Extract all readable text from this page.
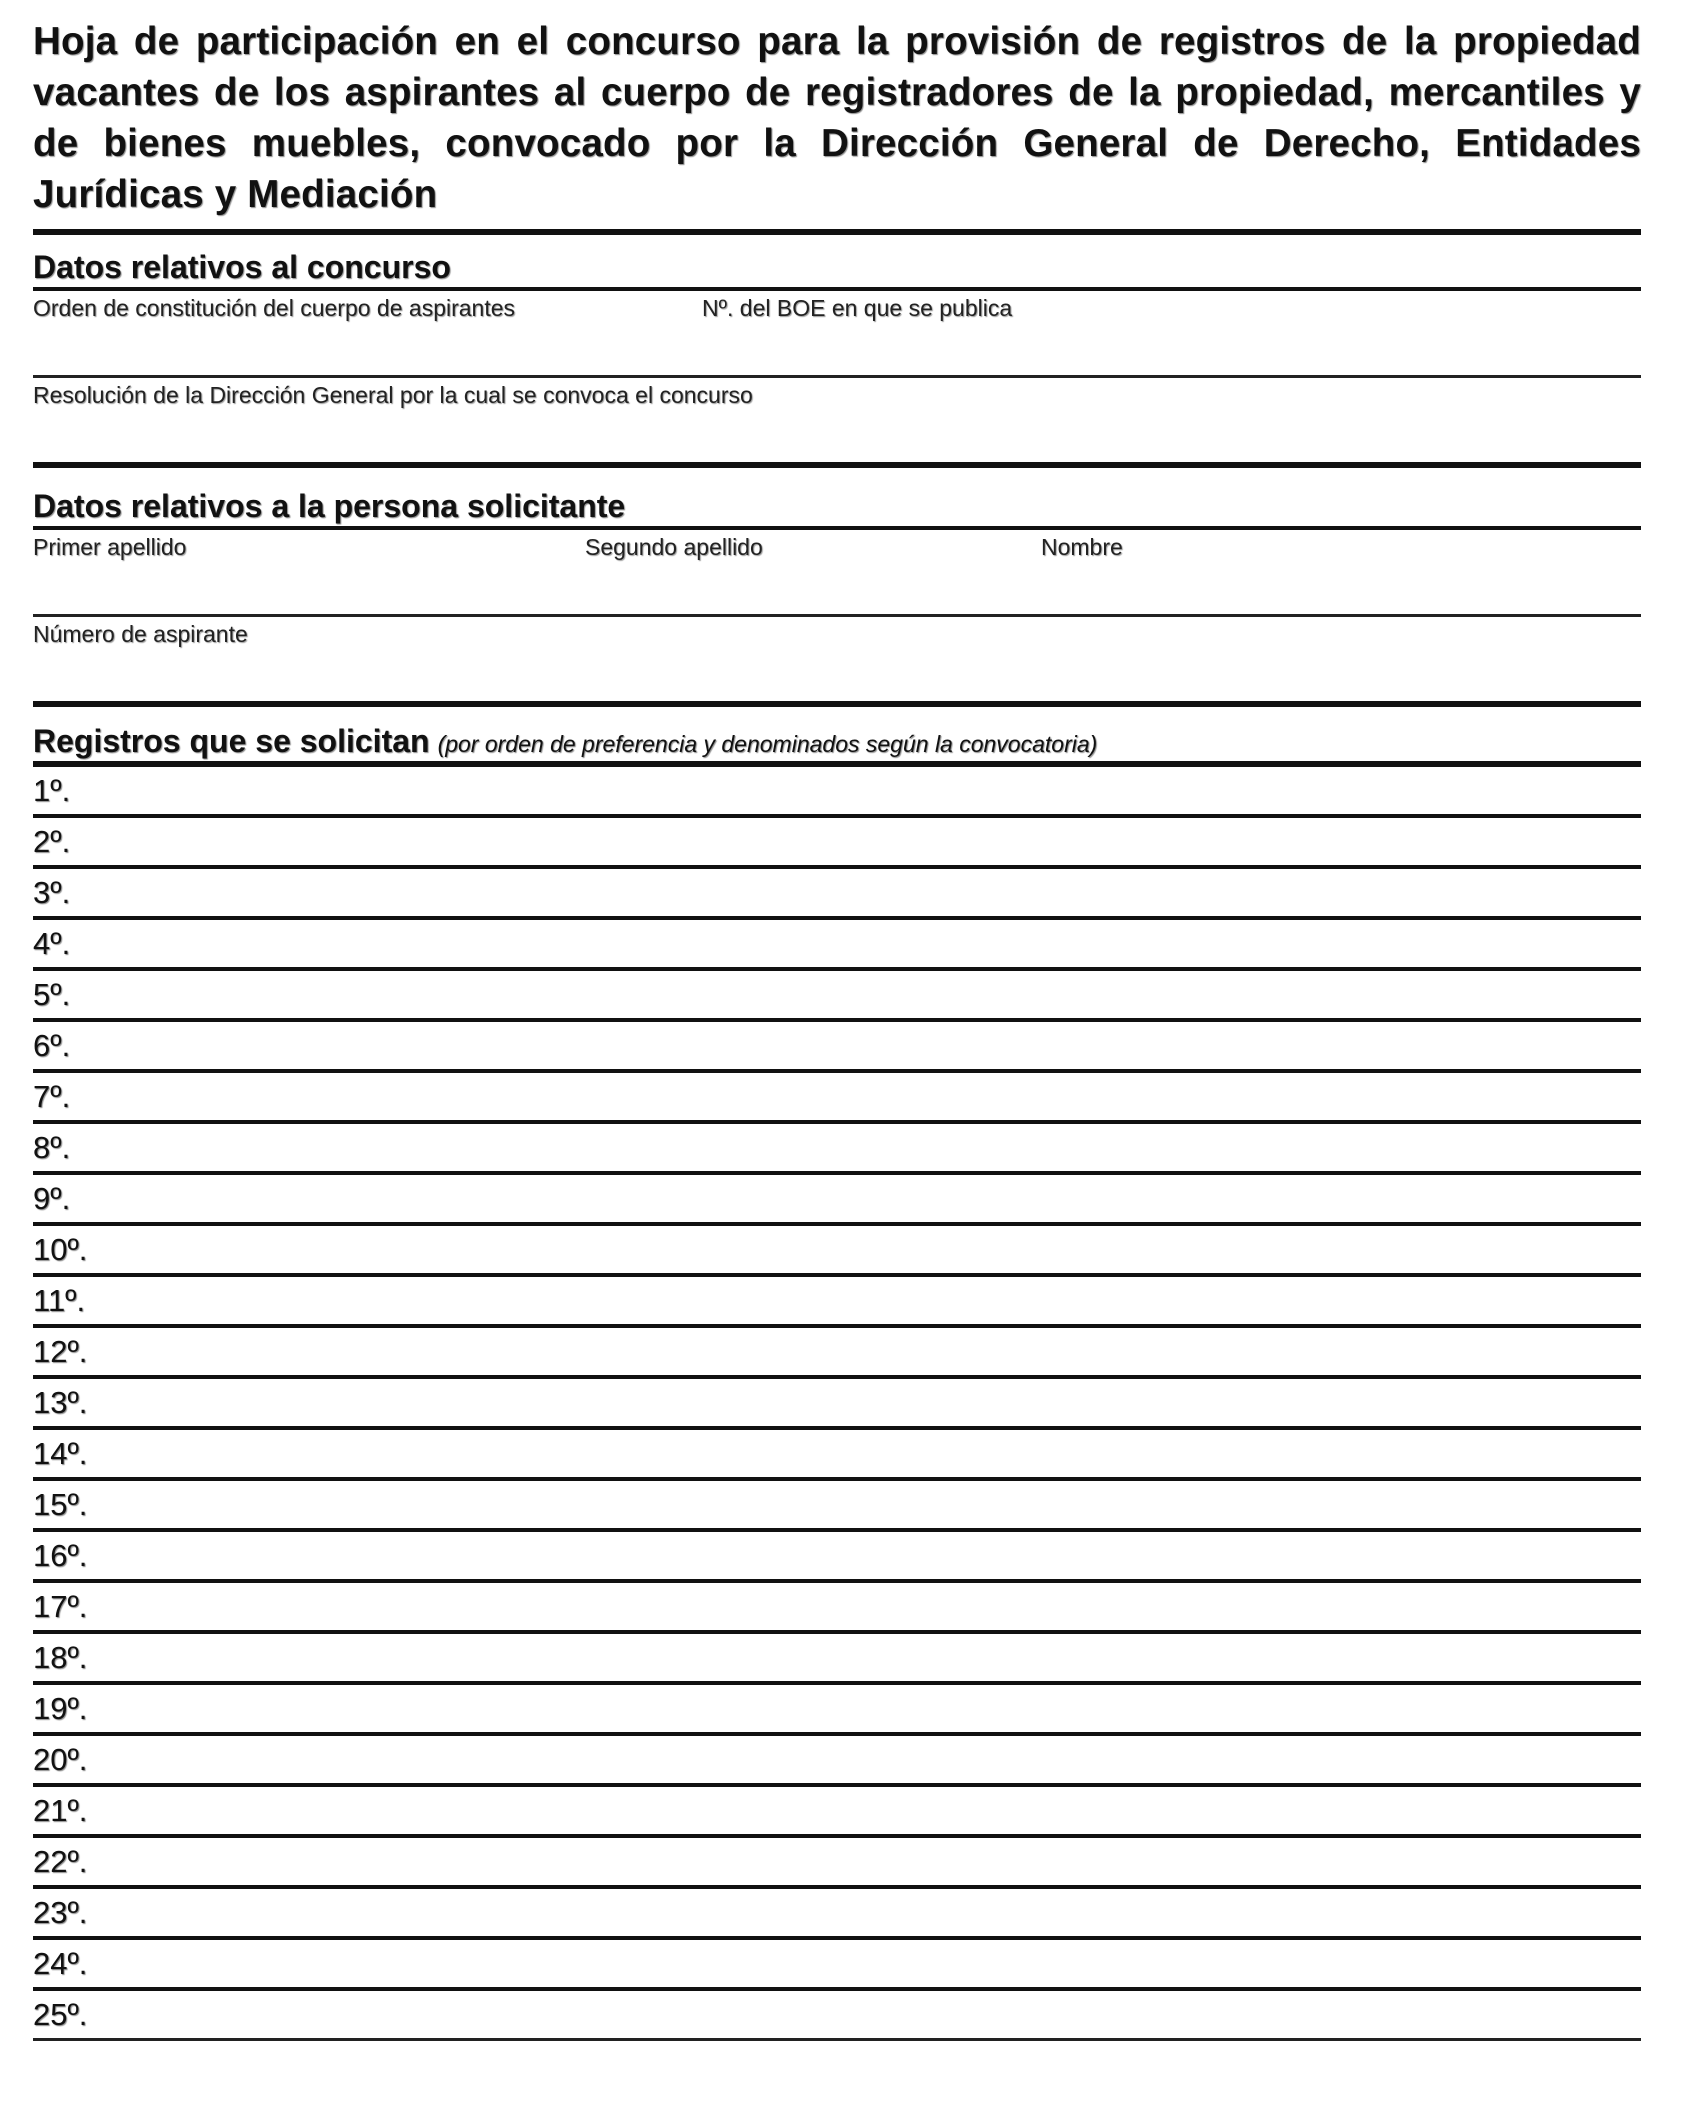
Hoja de participación en el concurso para la provisión de registros de la propiedad vacantes de los aspirantes al cuerpo de registradores de la propiedad, mercantiles y de bienes muebles, convocado por la Dirección General de Derecho, Entidades Jurídicas y Mediación
Datos relativos al concurso
Orden de constitución del cuerpo de aspirantes	Nº. del BOE en que se publica
Resolución de la Dirección General por la cual se convoca el concurso
Datos relativos a la persona solicitante
Primer apellido	Segundo apellido	Nombre
Número de aspirante
Registros que se solicitan (por orden de preferencia y denominados según la convocatoria)
1º.
2º.
3º.
4º.
5º.
6º.
7º.
8º.
9º.
10º.
11º.
12º.
13º.
14º.
15º.
16º.
17º.
18º.
19º.
20º.
21º.
22º.
23º.
24º.
25º.
